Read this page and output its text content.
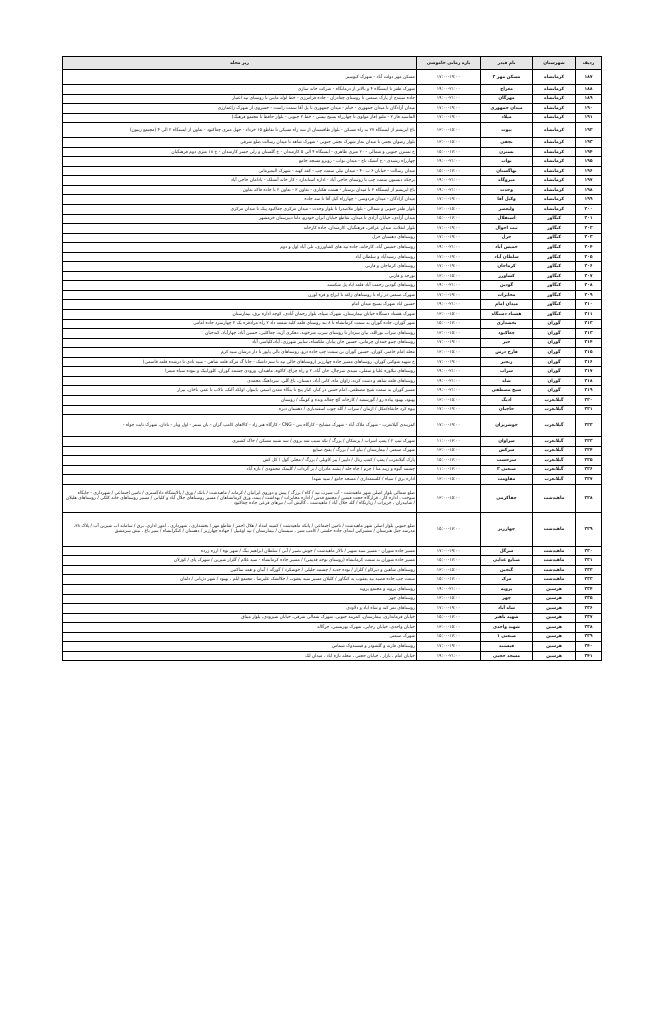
ردیف	شهرستان	نام فیدر	بازه زمانی خاموشی	ریز محله
۱۸۷	کرمانشاه	مسکن مهر ۲	۱۷:۰۰-۱۹:۰۰	مسکن مهر دولت آباد - شهرک کیوسنر
۱۸۸	کرمانشاه	معراج	۱۹:۰۰-۲۱:۰۰	شهرک ظفر تا ایستگاه ۴ و بالاتر از درمانگاه - شرکت خانه سازی
۱۸۹	کرمانشاه	مهرگان	۱۹:۰۰-۲۱:۰۰	جاده سنندج از پارک صنعتی تا روستای چغادران - جاده فرامرزی - خط لوله مابین تا روستای تپه اعتبار
۱۹۰	کرمانشاه	میدان جمهوری	۱۷:۰۰-۱۹:۰۰	میدان آزادگان تا میدان جمهوری - خیام - میدان جمهوری تا پل آقا سمت راست - خسروی از شهرک زاغمارزی
۱۹۱	کرمانشاه	میلاد	۱۷:۰۰-۱۹:۰۰	الماسیه فاز ۲ - ملتو (فاز مولوی تا چهارراه بسیج نیسی - خط ۲ جنوبی - بلوار حافظ تا مجتمع فرهنگ)
۱۹۲	کرمانشاه	نبوت	۱۳:۰۰-۱۵:۰۰	باغ ابریشم از ایستگاه ۲۷ به راه مسکن - بلوار طاقبستان از سه راه مسکن تا تقاطع ۱۵ خرداد - جهل متری چغاکبود - تعاون از ایستگاه ۲ الی ۴ (مجتمع زیتون)
۱۹۳	کرمانشاه	نجفی	۱۳:۰۰-۱۵:۰۰	بلوار رضوان نجفی تا میدان نماز شهرک نجفی جنوبی - شهرک شاهد تا میدان رسالت ضلع شرقی
۱۹۴	کرمانشاه	نسترن	۱۵:۰۰-۱۷:۰۰	خ نسترن جنوبی و شمالی - ۲۰ متری ظاهری - ایستگاه ۴ الی ۵ کارمندان - خ گلستان و رلی جسر کارمندان - خ ۱۸ متری دوم فرهنگیان
۱۹۵	کرمانشاه	نواب	۱۹:۰۰-۲۱:۰۰	چهارراه رشیدی - خ آتشک تاج - میدان نواب - روبرو مسجد جامع
۱۹۶	کرمانشاه	نهاگستان	۱۵:۰۰-۱۷:۰۰	میدان رسالت - خیابان ۶ ب ۴۰ - میدان نیلی سمت چپ - کفه کهنه - شهرک الیمیرمانی
۱۹۷	کرمانشاه	میروگاه	۱۹:۰۰-۲۱:۰۰	برجکه دبستون سمت چپ تا روستای حاجی آباد - اداره استاندارد - کار خانه آتشلک - بادامان حاجی آباد
۱۹۸	کرمانشاه	وحدت	۱۹:۰۰-۲۱:۰۰	باغ ابریشم از ایستگاه ۲ تا میدان برستار - هشت هکتاری - تعاون ۳ - تعاون ۲ تا جاده فاکه تعاون
۱۹۹	کرمانشاه	وکیل آقا	۱۷:۰۰-۱۹:۰۰	میدان آزادگان - میدان فردوسی - چهارراه گیل آقا تا سه جاده
۲۰۰	کرمانشاه	ولیعصر	۱۳:۰۰-۱۵:۰۰	بلوار ظفر جنوبی و شمالی - بلوار ملاصدرا تا بلوار وحدت - میدان مرکزی چغاکبود پیک تا میدان مرکزی
۲۰۱	کنگاور	استقلال	۱۵:۰۰-۱۷:۰۰	میدان آزادی، خیابان آزادی تا میدان، تقاطع خیابان ایران خودرو، دلتا دبیرستان خرمشهر
۲۰۲	کنگاور	ثبت احوال	۱۷:۰۰-۱۹:۰۰	بلوار انقلاب، میدان عراقی، فرهنگیان، کارمندان، جاده کارخانه
۲۰۳	کنگاور	حزل	۱۷:۰۰-۱۹:۰۰	روستاهای دهستان حزل
۲۰۴	کنگاور	خمیس آباد	۱۹:۰۰-۲۱:۰۰	روستاهای خمیس آباد، کارخانه، جاده تپه های کشاورزی، تلی آباد اول و دوم
۲۰۵	کنگاور	سلطان آباد	۱۷:۰۰-۱۹:۰۰	روستاهای رشیدآباد و سلطان آباد
۲۰۶	کنگاور	کرماجان	۱۷:۰۰-۱۹:۰۰	روستاهای کرماجان و فارنی
۲۰۷	کنگاور	کشاورز	۱۳:۰۰-۱۵:۰۰	نورجه و فارنی
۲۰۸	کنگاور	گودین	۱۹:۰۰-۲۱:۰۰	روستاهای گودین رحمت آباد قلعه اباد پل شکسته
۲۰۹	کنگاور	مخابرات	۱۷:۰۰-۱۹:۰۰	شهرک صنعتی در راه تا روستاهای زاغه تا ایراج و قره لورن
۲۱۰	کنگاور	میدان امام	۱۹:۰۰-۲۱:۰۰	حسین اباد شهرک بسیج میدان امام
۲۱۱	کنگاور	هشتاد دستگاه	۱۳:۰۰-۱۵:۰۰	شهرک هشتاد دستگاه خیابان بیمارستان، شهرک سپاه، بلوار رحمان آبادی، کوچه اداره برق، بیمارستان
۲۱۲	گوران	بخشداری	۱۵:۰۰-۱۷:۰۰	شهر گوران، جاده گوران به سمت کرمانشاه تا ۸ بند روستای قلعه کلبه شفعه داد ۲ راه مرادقره یک ۲ چهارسرد جاده امامی
۲۱۳	گوران	چغاکبود	۱۳:۰۰-۱۵:۰۰	روستاهای سراب نورالله، بیان سردار تا روستای سرپ مترخوند، دهکری آزید، چغاکلبی، حسین آباد، چهارآباد، کندحیان
۲۱۴	گوران	خیر	۱۷:۰۰-۱۹:۰۰	روستاهای چنبو خمدان چرمانی، حسین جان بیانار، ملکشاه، ساییر شهرزی، آیاد،کلپاسی آباد
۲۱۵	گوران	فارخ درش	۱۳:۰۰-۱۵:۰۰	محله امام خامنر، کوران، حسین گوران بن سمت چپ جاده درو، روستاهای نالی پایور تا دار درشان سید کرم
۲۱۶	گوران	زنجیر	۱۷:۰۰-۱۹:۰۰	خ شهید شوکتی گوران، روستاهای مسیر جاده چهارزبر (روستاهای خالی تپه تا سم داشک - جانا گ مرگه قلعه شاهی - سید نادی تا درشده قلعه قاسمی)
۲۱۷	گوران	سراب	۱۹:۰۰-۲۱:۰۰	روستاهای تیلاوره علیا و سفلی، سیدی سرچال، خان آباد، ۲ و راه چراغ، کاکوه، ماهیدان، ورودی چشمه گوران، کلورابیک و نتوده سیاه میمرا
۲۱۸	گوران	شاه	۱۹:۰۰-۲۱:۰۰	روستاهای قلعه شاهه و دشت کرند، زاوان ماه، کانی آباد، دبستان، باغ گلی، سرداهنگ محمدی
۲۱۹	گوران	شیخ مصطفی	۱۹:۰۰-۲۱:۰۰	مسیر گوران به سمت شیخ مصطفی، امام حسن در کنار، کنار پنج تا بنگاه معدن اسمر، باینوار، اولکه آلتک، تالاب تا عمر، ناخان، بیزار
۲۲۰	گیلانغرب	ادیگ	۱۳:۰۰-۱۵:۰۰	بهبود، بهبود پیاده رو / گورسفید / کارخانه گچ چغاله ونده و کوینگ / روستان
۲۲۱	گیلانغرب	حاجیان	۱۷:۰۰-۱۹:۰۰	بیوه کرد خانقاه/مکل / ازینان / سراب / گله جوب اسفندیاری / دهستان دیره
۲۲۲	گیلانغرب	خوشریزان	۱۷:۰۰-۱۹:۰۰	کمربندی گیلانغرب - شهرک ملاک آباد - شهرک مشایخ - کارگاه بتن - CNG - کارگاه هنر زاد - کالاهای کامپ گران - بان سنتر - اول وبار - نادان، شهرک ثابت خواه -
۲۲۳	گیلانغرب	سراوان	۱۱:۰۰-۱۳:۰۰	شهرک تیپ ۲ / پمپ اسراب / پزشکان / بزرگ / تکه سیب شه بزوی / سه شنبه مسکن / خاک کشتری
۲۲۴	گیلانغرب	سرکش	۱۳:۰۰-۱۵:۰۰	شهرک صنعتی / بیمارستان / بیاو آب / بزرگ / بقتخ صنایع
۲۲۵	گیلانغرب	سرحست	۱۵:۰۰-۱۷:۰۰	پارک گیلانغرب / پمپ / کمپ رتال / دلپیر / پیر کاویلی / بزرگ / محلی گول / کل کش
۲۲۶	گیلانغرب	صنعتی ۲	۱۱:۰۰-۱۳:۰۰	چشمه گیوه و زینه منا / چرم / چاه جله / پشته مادران / بر گرداب / گلیمک محمودی / تازه آباد
۲۲۷	گیلانغرب	مقاومت	۱۳:۰۰-۱۵:۰۰	اداره برق / سپاه / کلستمداری / مسجد جامع / سید شهدا
۲۲۸	ماهیدشت	چقاکرمی	۱۳:۰۰-۱۵:۰۰	ضلع شمالی بلوار اصلی شهر ماهیدشت - آب شیرب تپه / گاه / بزرگ / پیش و دوروی ایرانیان / کرمانه / ماهیدشت / بانک / ورق / پالایشگاه دادگستری / تامین اجتماعی / شهرداری - جایگاه سوخت ، اداره کار ، قرارگاه حجت فیمین / مجتمع قدس / اداره مخابرات / بهداشت / بیمه، ورق کرمانشاهان / مسیر روستاهای جلال آباد و کلیانی / مسیر روستاهای خانه کلکی / روستاهای هلیلان / شابیدران ، خزیراب / زیارتگاه / گله جلال آباد / ماهیدشت ، گالیش آب / تیرهای فرعی جاده چغاکبود
۲۲۹	ماهیدشت	چهارزبر	۱۵:۰۰-۱۷:۰۰	ضلع جنوبی بلوار اصلی شهر ماهیدشت / تامین اجتماعی / پانکه ماهیدشت / کمیته امداد / هلال احمر / تقاطع مهر / بخشداری ، شهرداری ، امور اداری، برق / سامانه اب شیرین آب / پلاک ۳۸، مدرسه جبل هنرستان / مشترکین ابتدای جاده حلشی / کامپ شیر ، سیستان / بیمارستان / تپه اوغبیل / جهاده چهارزبر / دهستان / کنگرانشاه / سپر باغ ، نیش سرمشق
۲۳۰	ماهیدشت	سرگل	۱۷:۰۰-۱۹:۰۰	مسیر جاده شوران - مسیر سید شهیر / تالار ماهیدشت / جوش نصیر / آبی / سلطان ابراهیم بیگ / شهر نوه / ارزه زرده
۲۳۱	ماهیدشت	صنایع غذایی	۱۵:۰۰-۱۷:۰۰	مسیر جاده شوران به سمت کرمانشاه (روستای نوجه قدیمی) / مسیر جاده کرمانشاه - سید غلام / گلزار شیرین / شهرک پای / کوزلان
۲۳۲	ماهیدشت	گنجین	۱۳:۰۰-۱۵:۰۰	روستاهای شاهین و دیزکاو / گلزار / نوده جدید / چشمه جلیلی / خوشکرد / گورگه / آبیان و همه ساکنین
۲۳۳	ماهیدشت	مرک	۱۵:۰۰-۱۷:۰۰	سمت چپ جاده قصید بید یعقوب به کنگاور / کلیلان مسیر سید یعقوب / جلالشک علیرضا ، مجتمع ایلم ، بهبود / شهر دژبانی / دلفان
۲۳۴	هرسین	پرویه	۱۹:۰۰-۲۱:۰۰	روستاهای پرویه و مجتمع پرویه
۲۳۵	هرسین	چهر	۱۳:۰۰-۱۵:۰۰	روستاهای چهر
۲۳۶	هرسین	شاه آباد	۱۷:۰۰-۱۹:۰۰	روستاهای تمر کبه و شاه اباد و دلاودی
۲۳۷	هرسین	شهید باهنر	۱۵:۰۰-۱۷:۰۰	خیابان فرمانداری، بیمارستان، کمربند جنوبی، شهرک شمالی شرقی، خیابان شیرودی، بلوار میثاق
۲۳۸	هرسین	شهید واحدی	۱۳:۰۰-۱۵:۰۰	خیابان واحدی، خیابان رجایی، شهرک بهزیستی، جرگاله
۲۳۹	هرسین	صنعتی ۱	۱۵:۰۰-۱۷:۰۰	شهرک صنعتی
۲۴۰	هرسین	فیسنند	۱۷:۰۰-۱۹:۰۰	روستاهای فارنه و گلشودر و فیسندوک شماس
۲۴۱	هرسین	مسجد حجتی	۱۹:۰۰-۲۱:۰۰	خیابان امام ، بازار ، خیابان حجتی ، محله تازه اباد ، میدان لک
